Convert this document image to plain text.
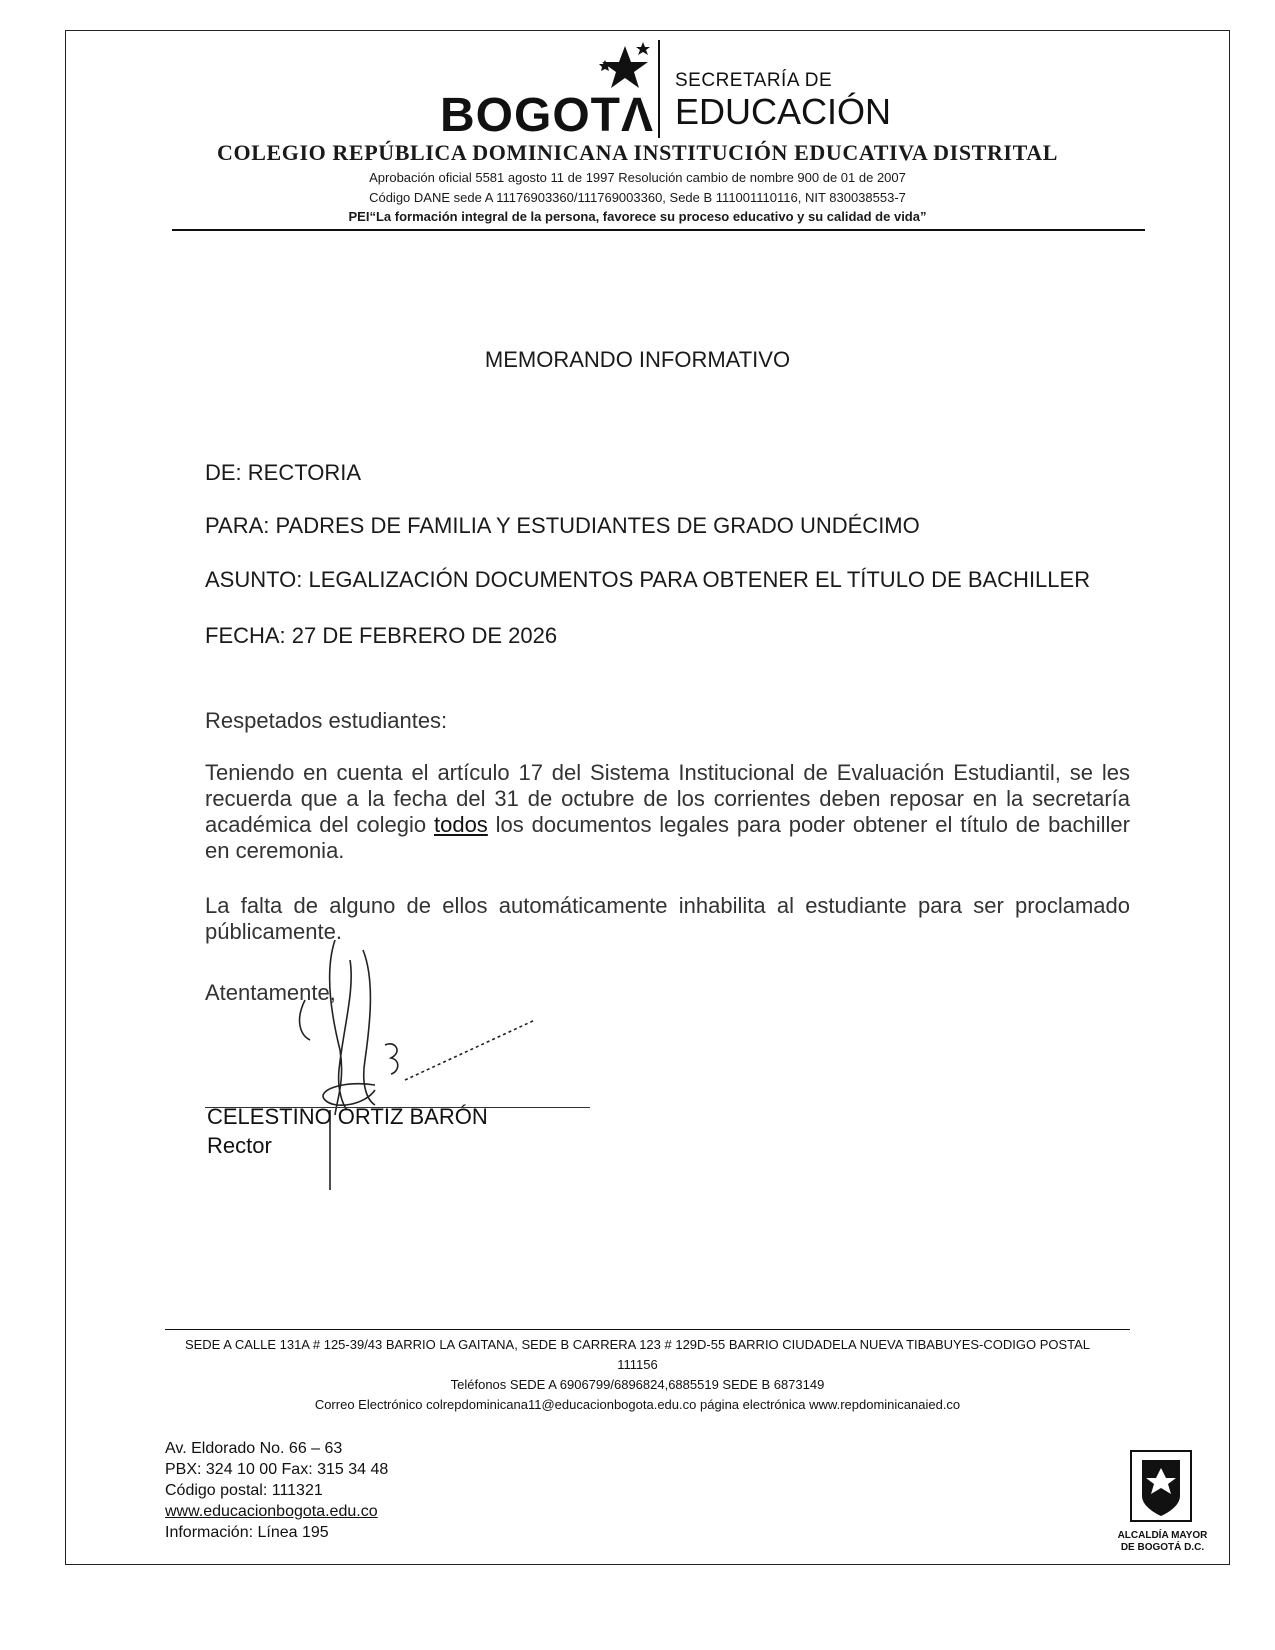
BOGOTΛ
SECRETARÍA DE
EDUCACIÓN
COLEGIO REPÚBLICA DOMINICANA INSTITUCIÓN EDUCATIVA DISTRITAL
Aprobación oficial 5581 agosto 11 de 1997 Resolución cambio de nombre 900 de 01 de 2007
Código DANE sede A 11176903360/111769003360, Sede B 111001110116, NIT 830038553-7
PEI“La formación integral de la persona, favorece su proceso educativo y su calidad de vida”
MEMORANDO INFORMATIVO
DE: RECTORIA
PARA: PADRES DE FAMILIA Y ESTUDIANTES DE GRADO UNDÉCIMO
ASUNTO: LEGALIZACIÓN DOCUMENTOS PARA OBTENER EL TÍTULO DE BACHILLER
FECHA: 27 DE FEBRERO DE 2026
Respetados estudiantes:
Teniendo en cuenta el artículo 17 del Sistema Institucional de Evaluación Estudiantil, se les recuerda que a la fecha del 31 de octubre de los corrientes deben reposar en la secretaría académica del colegio todos los documentos legales para poder obtener el título de bachiller en ceremonia.
La falta de alguno de ellos automáticamente inhabilita al estudiante para ser proclamado públicamente.
Atentamente,
CELESTINO ORTIZ BARÓN
Rector
SEDE A CALLE 131A # 125-39/43 BARRIO LA GAITANA, SEDE B CARRERA 123 # 129D-55 BARRIO CIUDADELA NUEVA TIBABUYES-CODIGO POSTAL
111156
Teléfonos SEDE A 6906799/6896824,6885519 SEDE B 6873149
Correo Electrónico colrepdominicana11@educacionbogota.edu.co página electrónica www.repdominicanaied.co
Av. Eldorado No. 66 – 63
PBX: 324 10 00 Fax: 315 34 48
Código postal: 111321
www.educacionbogota.edu.co
Información: Línea 195	ALCALDÍA MAYOR
DE BOGOTÁ D.C.
